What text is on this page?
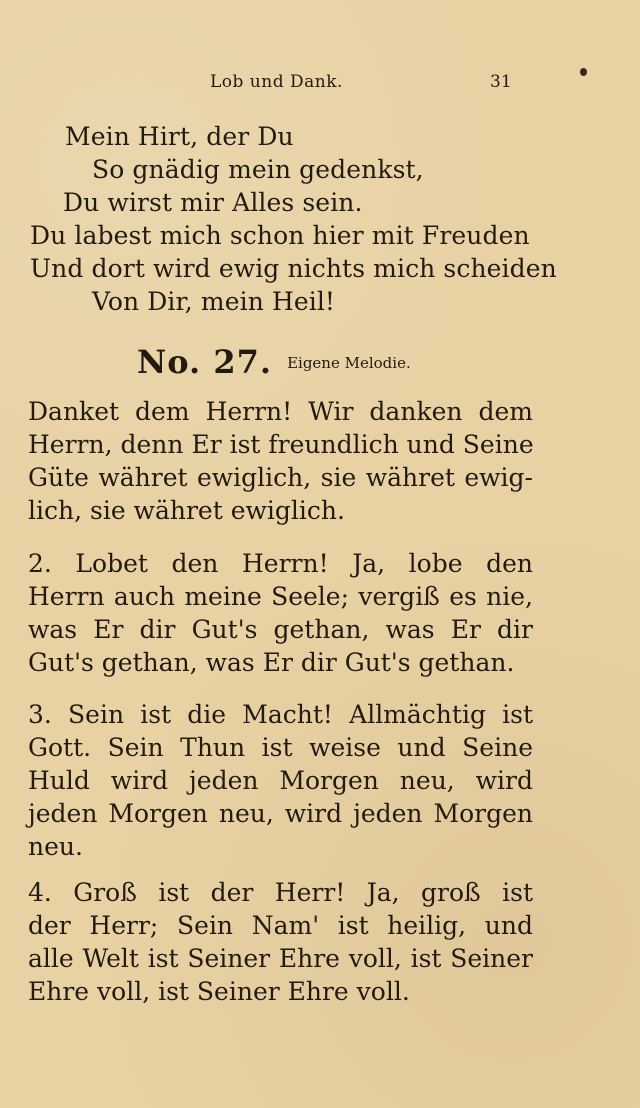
Lob und Dank.	31
Mein Hirt, der Du
So gnädig mein gedenkst,
Du wirst mir Alles sein.
Du labest mich schon hier mit Freuden
Und dort wird ewig nichts mich scheiden
Von Dir, mein Heil!
No. 27. Eigene Melodie.
Danket dem Herrn! Wir danken dem
Herrn, denn Er ist freundlich und Seine
Güte währet ewiglich, sie währet ewig-
lich, sie währet ewiglich.
2. Lobet den Herrn! Ja, lobe den
Herrn auch meine Seele; vergiß es nie,
was Er dir Gut's gethan, was Er dir
Gut's gethan, was Er dir Gut's gethan.
3. Sein ist die Macht! Allmächtig ist
Gott. Sein Thun ist weise und Seine
Huld wird jeden Morgen neu, wird
jeden Morgen neu, wird jeden Morgen
neu.
4. Groß ist der Herr! Ja, groß ist
der Herr; Sein Nam' ist heilig, und
alle Welt ist Seiner Ehre voll, ist Seiner
Ehre voll, ist Seiner Ehre voll.
